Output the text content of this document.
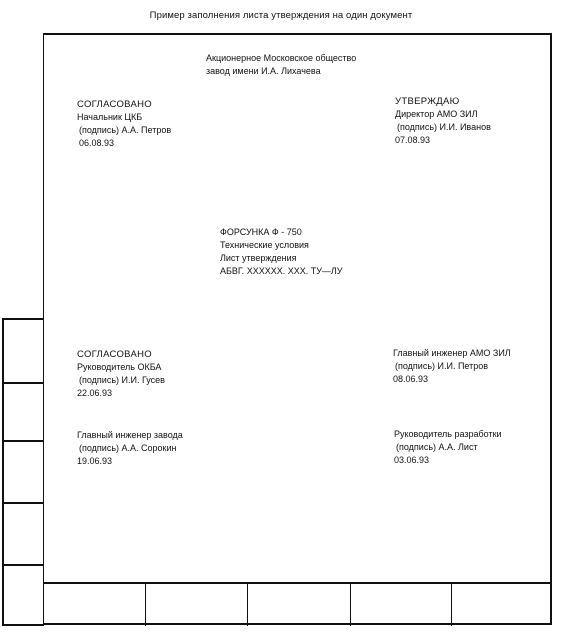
Пример заполнения листа утверждения на один документ
Акционерное Московское общество
завод имени И.А. Лихачева
СОГЛАСОВАНО
Начальник ЦКБ
(подпись) А.А. Петров
06.08.93
УТВЕРЖДАЮ
Директор АМО ЗИЛ
(подпись) И.И. Иванов
07.08.93
ФОРСУНКА Ф - 750
Технические условия
Лист утверждения
АБВГ. XXXXXX. XXX. ТУ—ЛУ
СОГЛАСОВАНО
Руководитель ОКБА
(подпись) И.И. Гусев
22.06.93
Главный инженер АМО ЗИЛ
(подпись) И.И. Петров
08.06.93
Главный инженер завода
(подпись) А.А. Сорокин
19.06.93
Руководитель разработки
(подпись) А.А. Лист
03.06.93
